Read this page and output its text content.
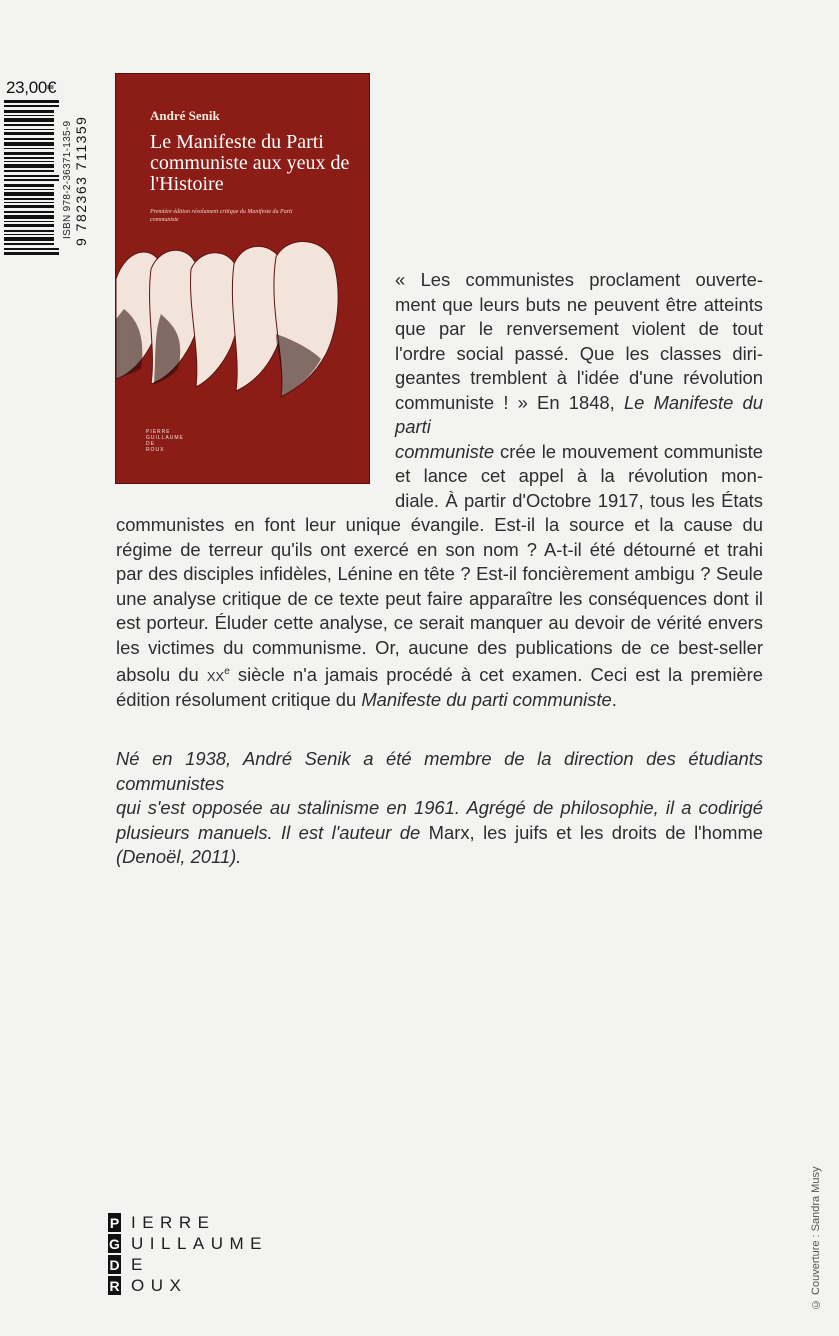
23,00€
ISBN 978-2-36371-135-9 9 782363 711359	André Senik
Le Manifeste du Parti communiste aux yeux de l'Histoire
Première édition résolument critique du Manifeste du Parti communiste
PIERRE
GUILLAUME
DE
ROUX
« Les communistes proclament ouverte-
ment que leurs buts ne peuvent être atteints
que par le renversement violent de tout
l'ordre social passé. Que les classes diri-
geantes tremblent à l'idée d'une révolution
communiste ! » En 1848, Le Manifeste du parti
communiste crée le mouvement communiste
et lance cet appel à la révolution mon-
diale. À partir d'Octobre 1917, tous les États
communistes en font leur unique évangile. Est-il la source et la cause du
régime de terreur qu'ils ont exercé en son nom ? A-t-il été détourné et trahi
par des disciples infidèles, Lénine en tête ? Est-il foncièrement ambigu ? Seule
une analyse critique de ce texte peut faire apparaître les conséquences dont il
est porteur. Éluder cette analyse, ce serait manquer au devoir de vérité envers
les victimes du communisme. Or, aucune des publications de ce best-seller
absolu du $xx^e$ siècle n'a jamais procédé à cet examen. Ceci est la première
édition résolument critique du Manifeste du parti communiste.
Né en 1938, André Senik a été membre de la direction des étudiants communistes
qui s'est opposée au stalinisme en 1961. Agrégé de philosophie, il a codirigé
plusieurs manuels. Il est l'auteur de Marx, les juifs et les droits de l'homme
(Denoël, 2011).
P IERRE
G UILLAUME
D E
R OUX	© Couverture : Sandra Musy
